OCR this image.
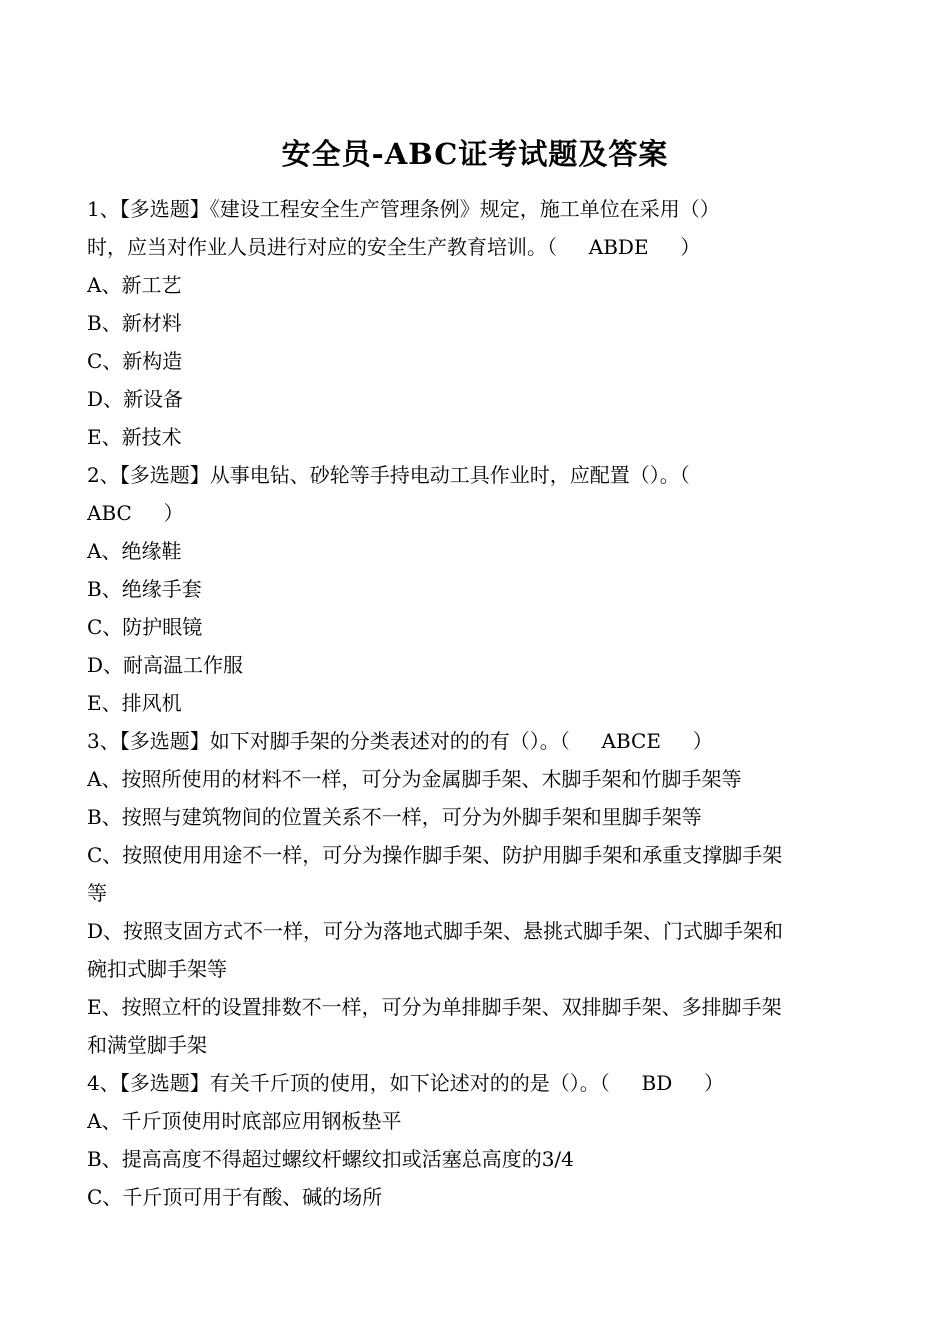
安全员-ABC证考试题及答案
1、【多选题】《建设工程安全生产管理条例》规定，施工单位在采用（）
时，应当对作业人员进行对应的安全生产教育培训。（     ABDE     ）
A、新工艺
B、新材料
C、新构造
D、新设备
E、新技术
2、【多选题】从事电钻、砂轮等手持电动工具作业时，应配置（）。（
ABC     ）
A、绝缘鞋
B、绝缘手套
C、防护眼镜
D、耐高温工作服
E、排风机
3、【多选题】如下对脚手架的分类表述对的的有（）。（     ABCE     ）
A、按照所使用的材料不一样，可分为金属脚手架、木脚手架和竹脚手架等
B、按照与建筑物间的位置关系不一样，可分为外脚手架和里脚手架等
C、按照使用用途不一样，可分为操作脚手架、防护用脚手架和承重支撑脚手架
等
D、按照支固方式不一样，可分为落地式脚手架、悬挑式脚手架、门式脚手架和
碗扣式脚手架等
E、按照立杆的设置排数不一样，可分为单排脚手架、双排脚手架、多排脚手架
和满堂脚手架
4、【多选题】有关千斤顶的使用，如下论述对的的是（）。（     BD     ）
A、千斤顶使用时底部应用钢板垫平
B、提高高度不得超过螺纹杆螺纹扣或活塞总高度的3/4
C、千斤顶可用于有酸、碱的场所
